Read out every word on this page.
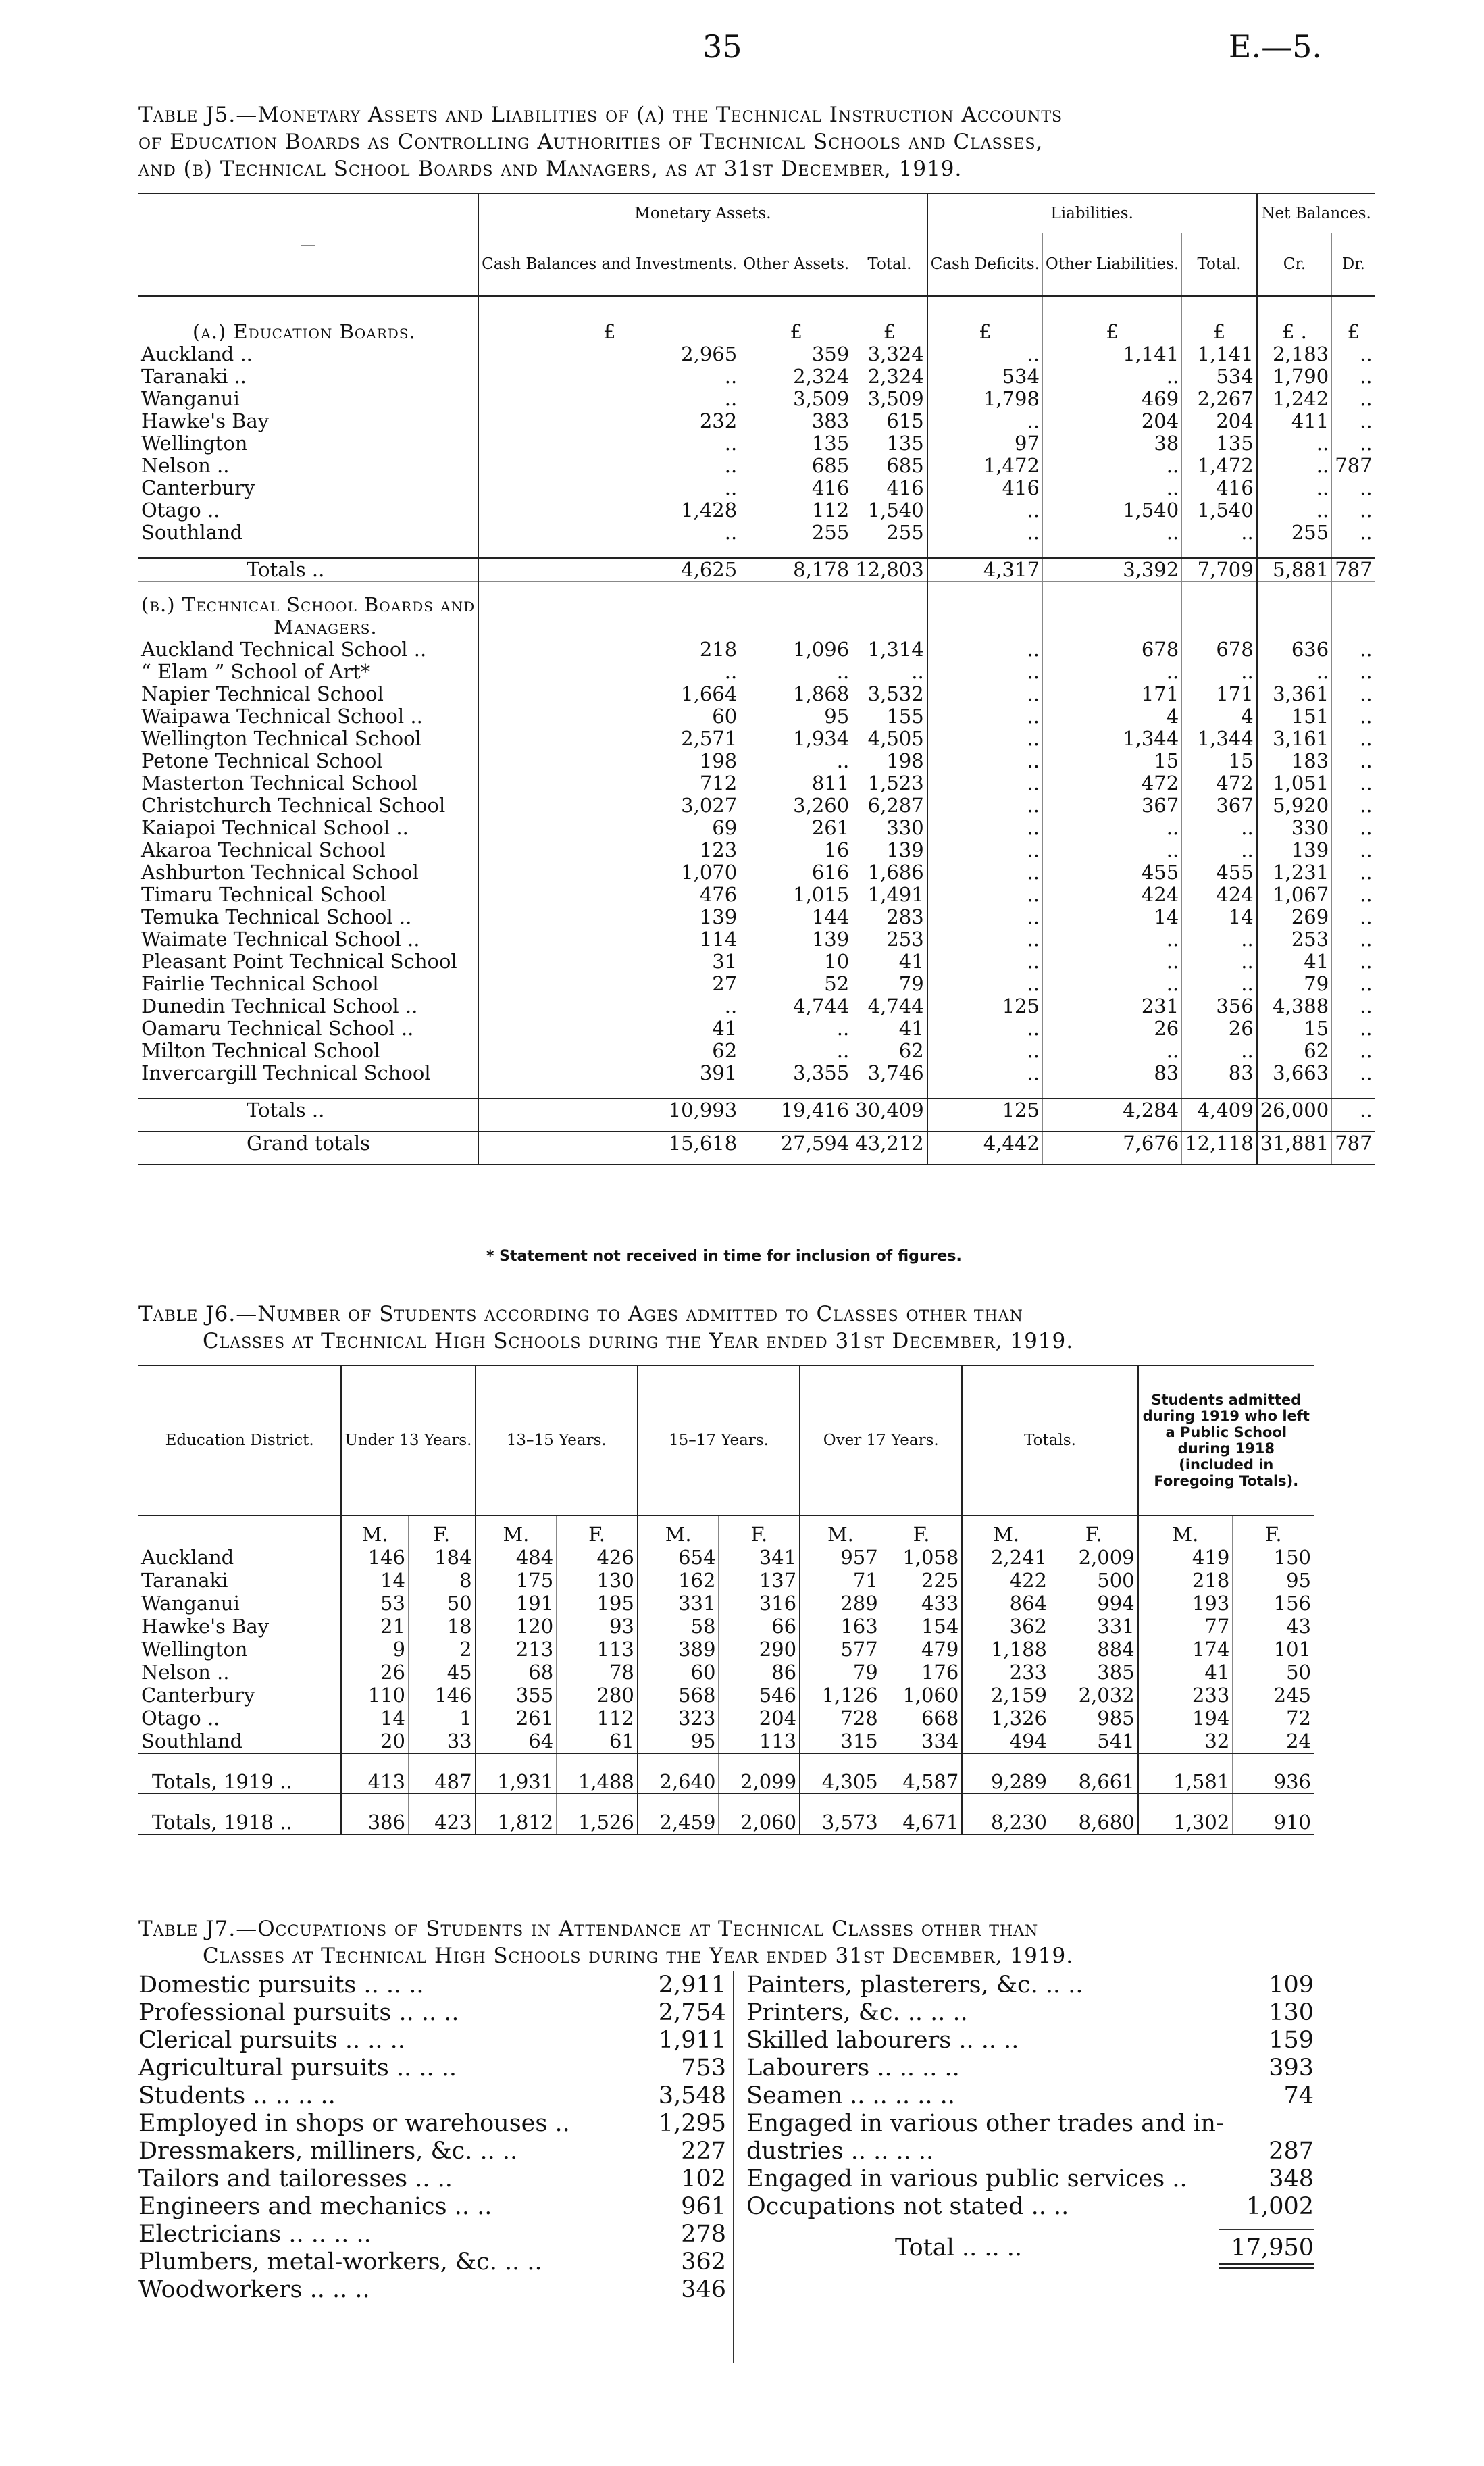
35	E.—5.
Table J5.—Monetary Assets and Liabilities of (a) the Technical Instruction Accounts
of Education Boards as Controlling Authorities of Technical Schools and Classes,
and (b) Technical School Boards and Managers, as at 31st December, 1919.
—	Monetary Assets.			Liabilities.			Net Balances.	
	Cash Balances and Investments.	Other Assets.	Total.	Cash Deficits.	Other Liabilities.	Total.	Cr.	Dr.

(a.) Education Boards.	£	£	£	£	£	£	£ .	£
Auckland ..	2,965	359	3,324	..	1,141	1,141	2,183	..
Taranaki ..	..	2,324	2,324	534	..	534	1,790	..
Wanganui	..	3,509	3,509	1,798	469	2,267	1,242	..
Hawke's Bay	232	383	615	..	204	204	411	..
Wellington	..	135	135	97	38	135	..	..
Nelson ..	..	685	685	1,472	..	1,472	..	787
Canterbury	..	416	416	416	..	416	..	..
Otago ..	1,428	112	1,540	..	1,540	1,540	..	..
Southland	..	255	255	..	..	..	255	..

Totals ..	4,625	8,178	12,803	4,317	3,392	7,709	5,881	787

(b.) Technical School Boards and								
Managers.								
Auckland Technical School ..	218	1,096	1,314	..	678	678	636	..
“ Elam ” School of Art*	..	..	..	..	..	..	..	..
Napier Technical School	1,664	1,868	3,532	..	171	171	3,361	..
Waipawa Technical School ..	60	95	155	..	4	4	151	..
Wellington Technical School	2,571	1,934	4,505	..	1,344	1,344	3,161	..
Petone Technical School	198	..	198	..	15	15	183	..
Masterton Technical School	712	811	1,523	..	472	472	1,051	..
Christchurch Technical School	3,027	3,260	6,287	..	367	367	5,920	..
Kaiapoi Technical School ..	69	261	330	..	..	..	330	..
Akaroa Technical School	123	16	139	..	..	..	139	..
Ashburton Technical School	1,070	616	1,686	..	455	455	1,231	..
Timaru Technical School	476	1,015	1,491	..	424	424	1,067	..
Temuka Technical School ..	139	144	283	..	14	14	269	..
Waimate Technical School ..	114	139	253	..	..	..	253	..
Pleasant Point Technical School	31	10	41	..	..	..	41	..
Fairlie Technical School	27	52	79	..	..	..	79	..
Dunedin Technical School ..	..	4,744	4,744	125	231	356	4,388	..
Oamaru Technical School ..	41	..	41	..	26	26	15	..
Milton Technical School	62	..	62	..	..	..	62	..
Invercargill Technical School	391	3,355	3,746	..	83	83	3,663	..

Totals ..	10,993	19,416	30,409	125	4,284	4,409	26,000	..

Grand totals	15,618	27,594	43,212	4,442	7,676	12,118	31,881	787

* Statement not received in time for inclusion of figures.
Table J6.—Number of Students according to Ages admitted to Classes other than
Classes at Technical High Schools during the Year ended 31st December, 1919.
Education District.	Under 13 Years.		13–15 Years.		15–17 Years.		Over 17 Years.		Totals.		Students admitted during 1919 who left a Public School during 1918 (included in Foregoing Totals).	
	M.	F.	M.	F.	M.	F.	M.	F.	M.	F.	M.	F.
Auckland	146	184	484	426	654	341	957	1,058	2,241	2,009	419	150
Taranaki	14	8	175	130	162	137	71	225	422	500	218	95
Wanganui	53	50	191	195	331	316	289	433	864	994	193	156
Hawke's Bay	21	18	120	93	58	66	163	154	362	331	77	43
Wellington	9	2	213	113	389	290	577	479	1,188	884	174	101
Nelson ..	26	45	68	78	60	86	79	176	233	385	41	50
Canterbury	110	146	355	280	568	546	1,126	1,060	2,159	2,032	233	245
Otago ..	14	1	261	112	323	204	728	668	1,326	985	194	72
Southland	20	33	64	61	95	113	315	334	494	541	32	24
Totals, 1919 ..	413	487	1,931	1,488	2,640	2,099	4,305	4,587	9,289	8,661	1,581	936
Totals, 1918 ..	386	423	1,812	1,526	2,459	2,060	3,573	4,671	8,230	8,680	1,302	910
Table J7.—Occupations of Students in Attendance at Technical Classes other than
Classes at Technical High Schools during the Year ended 31st December, 1919.
Domestic pursuits .. .. ..	2,911
Professional pursuits .. .. ..	2,754
Clerical pursuits .. .. ..	1,911
Agricultural pursuits .. .. ..	753
Students .. .. .. ..	3,548
Employed in shops or warehouses ..	1,295
Dressmakers, milliners, &c. .. ..	227
Tailors and tailoresses .. ..	102
Engineers and mechanics .. ..	961
Electricians .. .. .. ..	278
Plumbers, metal-workers, &c. .. ..	362
Woodworkers .. .. ..	346
Painters, plasterers, &c. .. ..	109
Printers, &c. .. .. ..	130
Skilled labourers .. .. ..	159
Labourers .. .. .. ..	393
Seamen .. .. .. .. ..	74
Engaged in various other trades and in-
dustries .. .. .. ..	287
Engaged in various public services ..	348
Occupations not stated .. ..	1,002
Total .. .. ..	17,950
